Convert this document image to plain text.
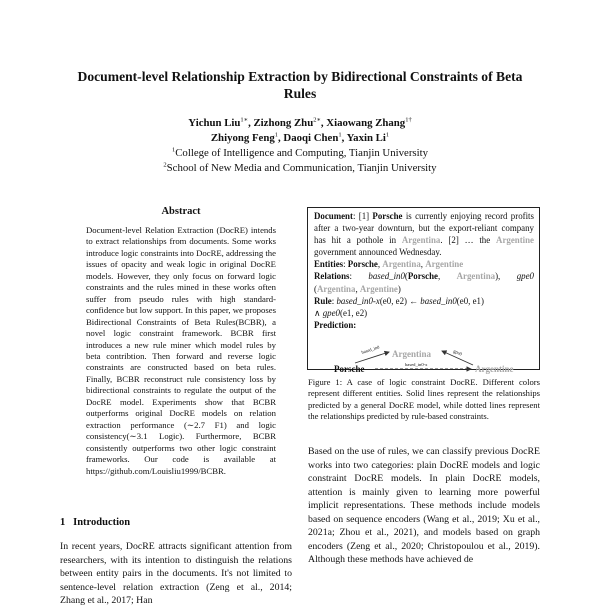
Document-level Relationship Extraction by Bidirectional Constraints of Beta Rules
Yichun Liu$^{1∗}$, Zizhong Zhu$^{2∗}$, Xiaowang Zhang$^{1\dagger}$
Zhiyong Feng$^1$, Daoqi Chen$^1$, Yaxin Li$^1$
$^1$College of Intelligence and Computing, Tianjin University
$^2$School of New Media and Communication, Tianjin University
Abstract
Document-level Relation Extraction (DocRE) intends to extract relationships from documents. Some works introduce logic constraints into DocRE, addressing the issues of opacity and weak logic in original DocRE models. However, they only focus on forward logic constraints and the rules mined in these works often suffer from pseudo rules with high standard-confidence but low support. In this paper, we proposes Bidirectional Constraints of Beta Rules(BCBR), a novel logic constraint framework. BCBR first introduces a new rule miner which model rules by beta contribtion. Then forward and reverse logic constraints are constructed based on beta rules. Finally, BCBR reconstruct rule consistency loss by bidirectional constraints to regulate the output of the DocRE model. Experiments show that BCBR outperforms original DocRE models on relation extraction performance (∼2.7 F1) and logic consistency(∼3.1 Logic). Furthermore, BCBR consistently outperforms two other logic constraint frameworks. Our code is available at https://github.com/Louisliu1999/BCBR.
1 Introduction
In recent years, DocRE attracts significant attention from researchers, with its intention to distinguish the relations between entity pairs in the documents. It's not limited to sentence-level relation extraction (Zeng et al., 2014; Zhang et al., 2017; Han
Document: [1] Porsche is currently enjoying record profits after a two-year downturn, but the export-reliant company has hit a pothole in Argentina. [2] … the Argentine government announced Wednesday.
Entities: Porsche, Argentina, Argentine
Relations: based_in0(Porsche, Argentina), gpe0 (Argentina, Argentine)
Rule: based_in0-x(e0, e2) ← based_in0(e0, e1)
∧ gpe0(e1, e2)
Prediction:
Argentina
Porsche	Argentine
based_in0	gpe0
based_in0-x
Figure 1: A case of logic constraint DocRE. Different colors represent different entities. Solid lines represent the relationships predicted by a general DocRE model, while dotted lines represent the relationships predicted by rule-based constraints.
Based on the use of rules, we can classify previous DocRE works into two categories: plain DocRE models and logic constraint DocRE models. In plain DocRE models, attention is mainly given to learning more powerful implicit representations. These methods include models based on sequence encoders (Wang et al., 2019; Xu et al., 2021a; Zhou et al., 2021), and models based on graph encoders (Zeng et al., 2020; Christopoulou et al., 2019). Although these methods have achieved de
